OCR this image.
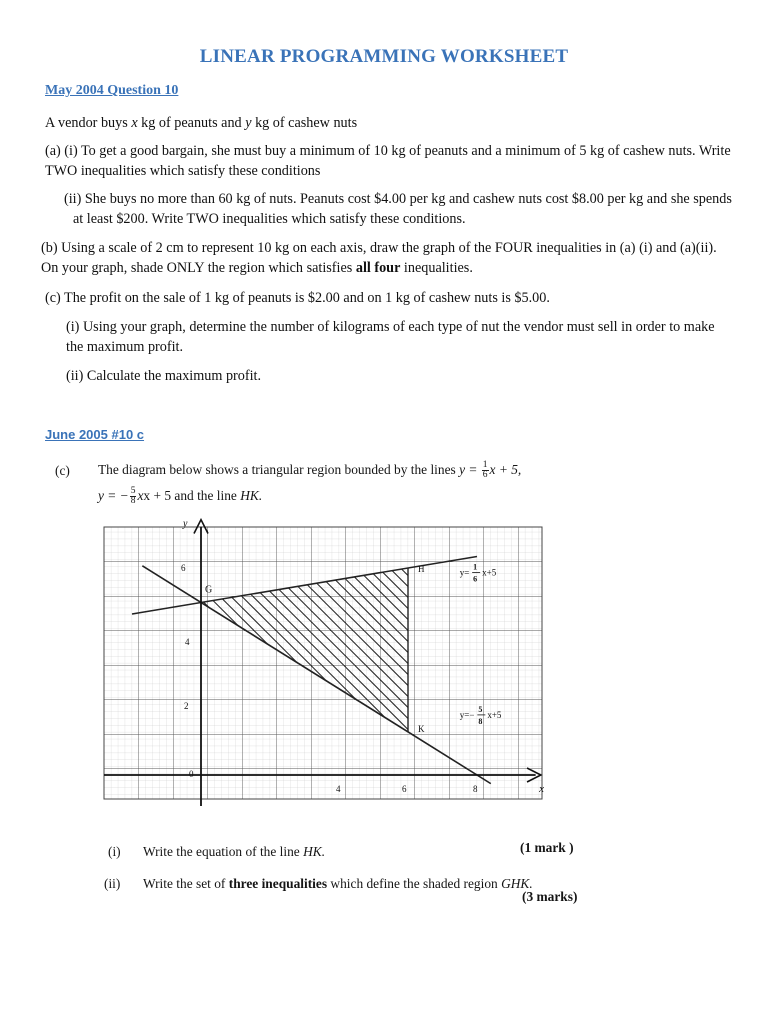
LINEAR PROGRAMMING WORKSHEET
May 2004 Question 10
A vendor buys x kg of peanuts and y kg of cashew nuts
(a) (i) To get a good bargain, she must buy a minimum of 10 kg of peanuts and a minimum of 5 kg of cashew nuts. Write TWO inequalities which satisfy these conditions
(ii) She buys no more than 60 kg of nuts. Peanuts cost $4.00 per kg and cashew nuts cost $8.00 per kg and she spends at least $200. Write TWO inequalities which satisfy these conditions.
(b) Using a scale of 2 cm to represent 10 kg on each axis, draw the graph of the FOUR inequalities in (a) (i) and (a)(ii). On your graph, shade ONLY the region which satisfies all four inequalities.
(c) The profit on the sale of 1 kg of peanuts is $2.00 and on 1 kg of cashew nuts is $5.00.
(i) Using your graph, determine the number of kilograms of each type of nut the vendor must sell in order to make the maximum profit.
(ii) Calculate the maximum profit.
June 2005 #10 c
(c) The diagram below shows a triangular region bounded by the lines $y = \frac{1}{6}$ x + 5,
y = − $\frac{5}{8}$ xx + 5 and the line HK.
y
x
0
4	6	8
6
4
2
G
H
K
y=
1
6
x+5
y=−
5
8
x+5
(i) Write the equation of the line HK.	(1 mark )
(ii) Write the set of three inequalities which define the shaded region GHK.
(3 marks)
